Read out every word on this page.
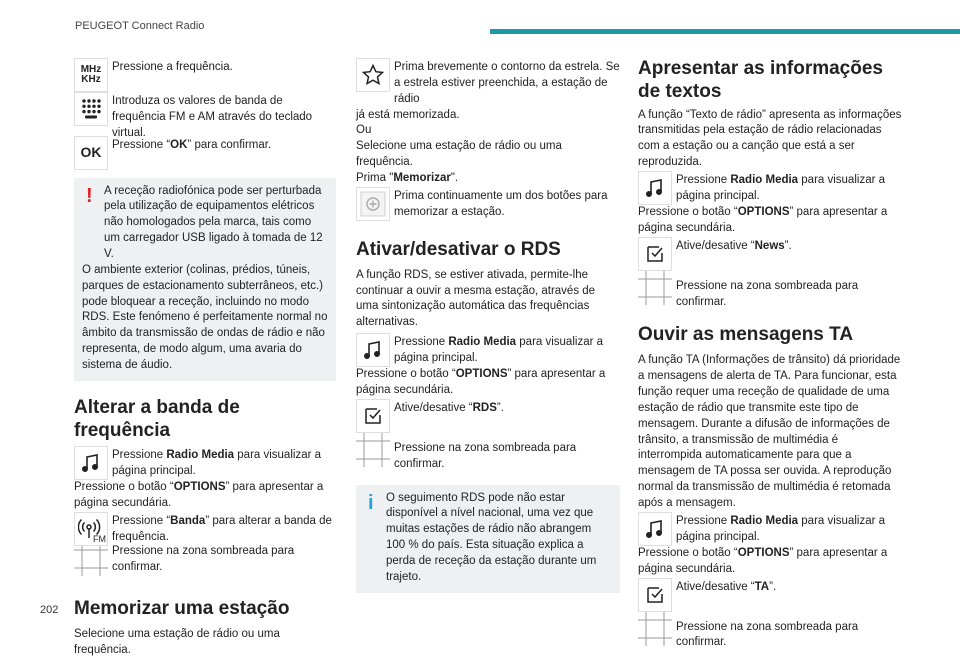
PEUGEOT Connect Radio
202
MHz
KHz

Pressione a frequência.

Introduza os valores de banda de frequência FM e AM através do teclado virtual.

OK Pressione “OK” para confirmar.

! A receção radiofónica pode ser perturbada pela utilização de equipamentos elétricos não homologados pela marca, tais como um carregador USB ligado à tomada de 12 V.

O ambiente exterior (colinas, prédios, túneis, parques de estacionamento subterrâneos, etc.) pode bloquear a receção, incluindo no modo RDS. Este fenómeno é perfeitamente normal no âmbito da transmissão de ondas de rádio e não representa, de modo algum, uma avaria do sistema de áudio.

Alterar a banda de frequência

Pressione Radio Media para visualizar a página principal.

Pressione o botão “OPTIONS” para apresentar a página secundária.

FM

Pressione “Banda” para alterar a banda de frequência.

Pressione na zona sombreada para confirmar.

Memorizar uma estação

Selecione uma estação de rádio ou uma frequência.

Prima brevemente o contorno da estrela. Se a estrela estiver preenchida, a estação de rádio

já está memorizada.

Ou

Selecione uma estação de rádio ou uma frequência.

Prima "Memorizar".

Prima continuamente um dos botões para memorizar a estação.

Ativar/desativar o RDS

A função RDS, se estiver ativada, permite-lhe continuar a ouvir a mesma estação, através de uma sintonização automática das frequências alternativas.

Pressione Radio Media para visualizar a página principal.

Pressione o botão “OPTIONS” para apresentar a página secundária.

Ative/desative “RDS”.

Pressione na zona sombreada para confirmar.

i	O seguimento RDS pode não estar disponível a nível nacional, uma vez que muitas estações de rádio não abrangem 100 % do país. Esta situação explica a perda de receção da estação durante um trajeto.

Apresentar as informações de textos

A função “Texto de rádio” apresenta as informações transmitidas pela estação de rádio relacionadas com a estação ou a canção que está a ser reproduzida.

Pressione Radio Media para visualizar a página principal.

Pressione o botão “OPTIONS” para apresentar a página secundária.

Ative/desative “News”.

Pressione na zona sombreada para confirmar.

Ouvir as mensagens TA

A função TA (Informações de trânsito) dá prioridade a mensagens de alerta de TA. Para funcionar, esta função requer uma receção de qualidade de uma estação de rádio que transmite este tipo de mensagem. Durante a difusão de informações de trânsito, a transmissão de multimédia é interrompida automaticamente para que a mensagem de TA possa ser ouvida. A reprodução normal da transmissão de multimédia é retomada após a mensagem.

Pressione Radio Media para visualizar a página principal.

Pressione o botão “OPTIONS” para apresentar a página secundária.

Ative/desative “TA”.

Pressione na zona sombreada para confirmar.
